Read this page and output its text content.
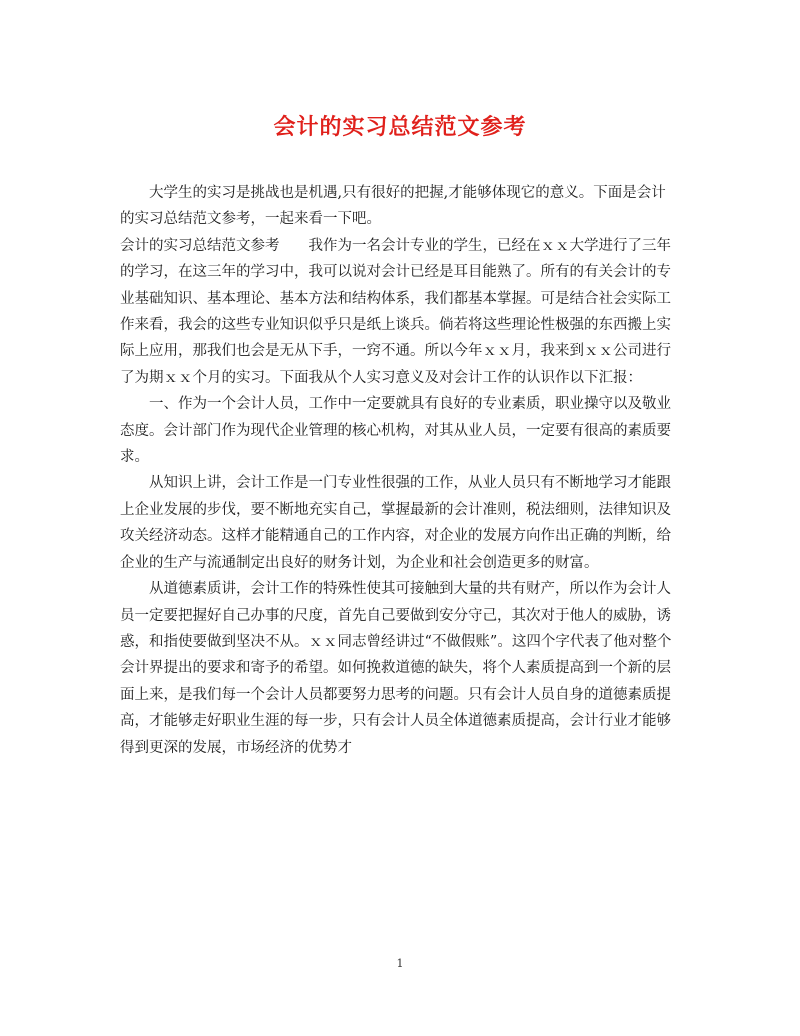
会计的实习总结范文参考

大学生的实习是挑战也是机遇,只有很好的把握,才能够体现它的意义。下面是会计的实习总结范文参考，一起来看一下吧。

会计的实习总结范文参考　　我作为一名会计专业的学生，已经在ｘｘ大学进行了三年的学习，在这三年的学习中，我可以说对会计已经是耳目能熟了。所有的有关会计的专业基础知识、基本理论、基本方法和结构体系，我们都基本掌握。可是结合社会实际工作来看，我会的这些专业知识似乎只是纸上谈兵。倘若将这些理论性极强的东西搬上实际上应用，那我们也会是无从下手，一窍不通。所以今年ｘｘ月，我来到ｘｘ公司进行了为期ｘｘ个月的实习。下面我从个人实习意义及对会计工作的认识作以下汇报：

一、作为一个会计人员，工作中一定要就具有良好的专业素质，职业操守以及敬业态度。会计部门作为现代企业管理的核心机构，对其从业人员，一定要有很高的素质要求。

从知识上讲，会计工作是一门专业性很强的工作，从业人员只有不断地学习才能跟上企业发展的步伐，要不断地充实自己，掌握最新的会计准则，税法细则，法律知识及攻关经济动态。这样才能精通自己的工作内容，对企业的发展方向作出正确的判断，给企业的生产与流通制定出良好的财务计划，为企业和社会创造更多的财富。

从道德素质讲，会计工作的特殊性使其可接触到大量的共有财产，所以作为会计人员一定要把握好自己办事的尺度，首先自己要做到安分守己，其次对于他人的威胁，诱惑，和指使要做到坚决不从。ｘｘ同志曾经讲过“不做假账”。这四个字代表了他对整个会计界提出的要求和寄予的希望。如何挽救道德的缺失，将个人素质提高到一个新的层面上来，是我们每一个会计人员都要努力思考的问题。只有会计人员自身的道德素质提高，才能够走好职业生涯的每一步，只有会计人员全体道德素质提高，会计行业才能够得到更深的发展，市场经济的优势才

1
